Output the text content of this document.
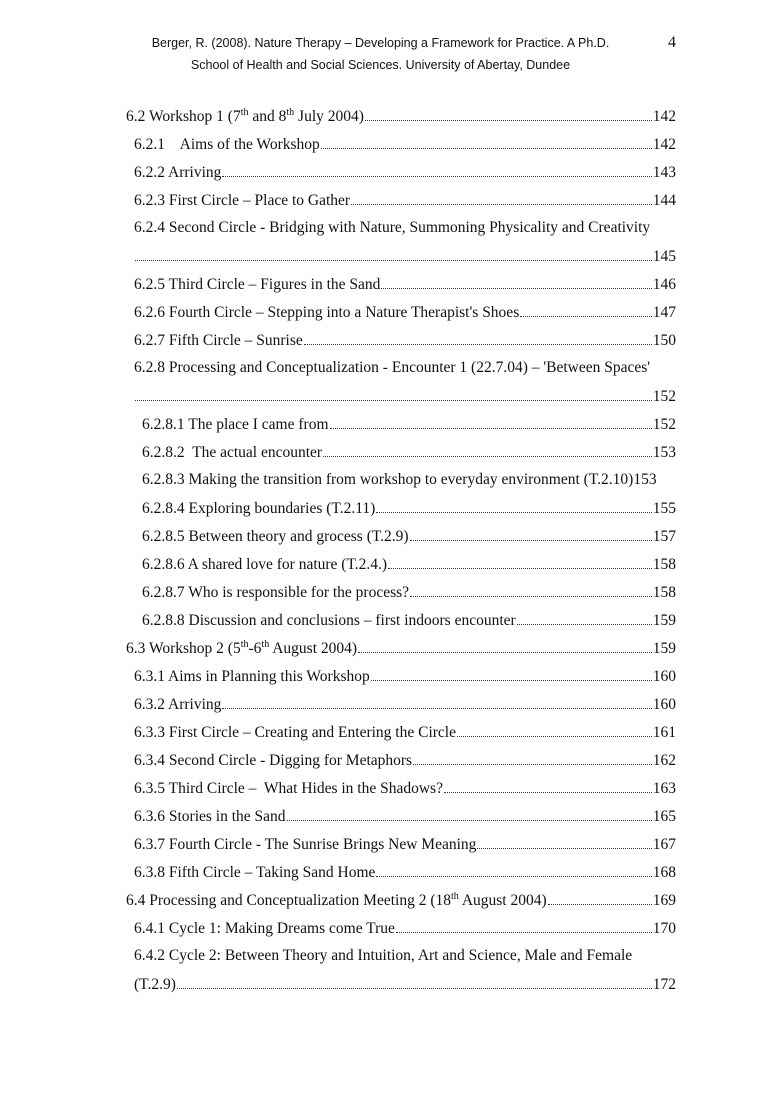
Berger, R. (2008). Nature Therapy – Developing a Framework for Practice. A Ph.D.	4
School of Health and Social Sciences. University of Abertay, Dundee
6.2 Workshop 1 (7th and 8th July 2004)	142
6.2.1    Aims of the Workshop	142
6.2.2 Arriving	143
6.2.3 First Circle – Place to Gather	144
6.2.4 Second Circle - Bridging with Nature, Summoning Physicality and Creativity
145
6.2.5 Third Circle – Figures in the Sand	146
6.2.6 Fourth Circle – Stepping into a Nature Therapist's Shoes	147
6.2.7 Fifth Circle – Sunrise	150
6.2.8 Processing and Conceptualization - Encounter 1 (22.7.04) – 'Between Spaces'
152
6.2.8.1 The place I came from	152
6.2.8.2  The actual encounter	153
6.2.8.3 Making the transition from workshop to everyday environment (T.2.10) 153
6.2.8.4 Exploring boundaries (T.2.11)	155
6.2.8.5 Between theory and grocess (T.2.9)	157
6.2.8.6 A shared love for nature (T.2.4.)	158
6.2.8.7 Who is responsible for the process?	158
6.2.8.8 Discussion and conclusions – first indoors encounter	159
6.3 Workshop 2 (5th-6th August 2004)	159
6.3.1 Aims in Planning this Workshop	160
6.3.2 Arriving	160
6.3.3 First Circle – Creating and Entering the Circle	161
6.3.4 Second Circle - Digging for Metaphors	162
6.3.5 Third Circle –  What Hides in the Shadows?	163
6.3.6 Stories in the Sand	165
6.3.7 Fourth Circle - The Sunrise Brings New Meaning	167
6.3.8 Fifth Circle – Taking Sand Home	168
6.4 Processing and Conceptualization Meeting 2 (18th August 2004)	169
6.4.1 Cycle 1: Making Dreams come True	170
6.4.2 Cycle 2: Between Theory and Intuition, Art and Science, Male and Female
(T.2.9)	172
